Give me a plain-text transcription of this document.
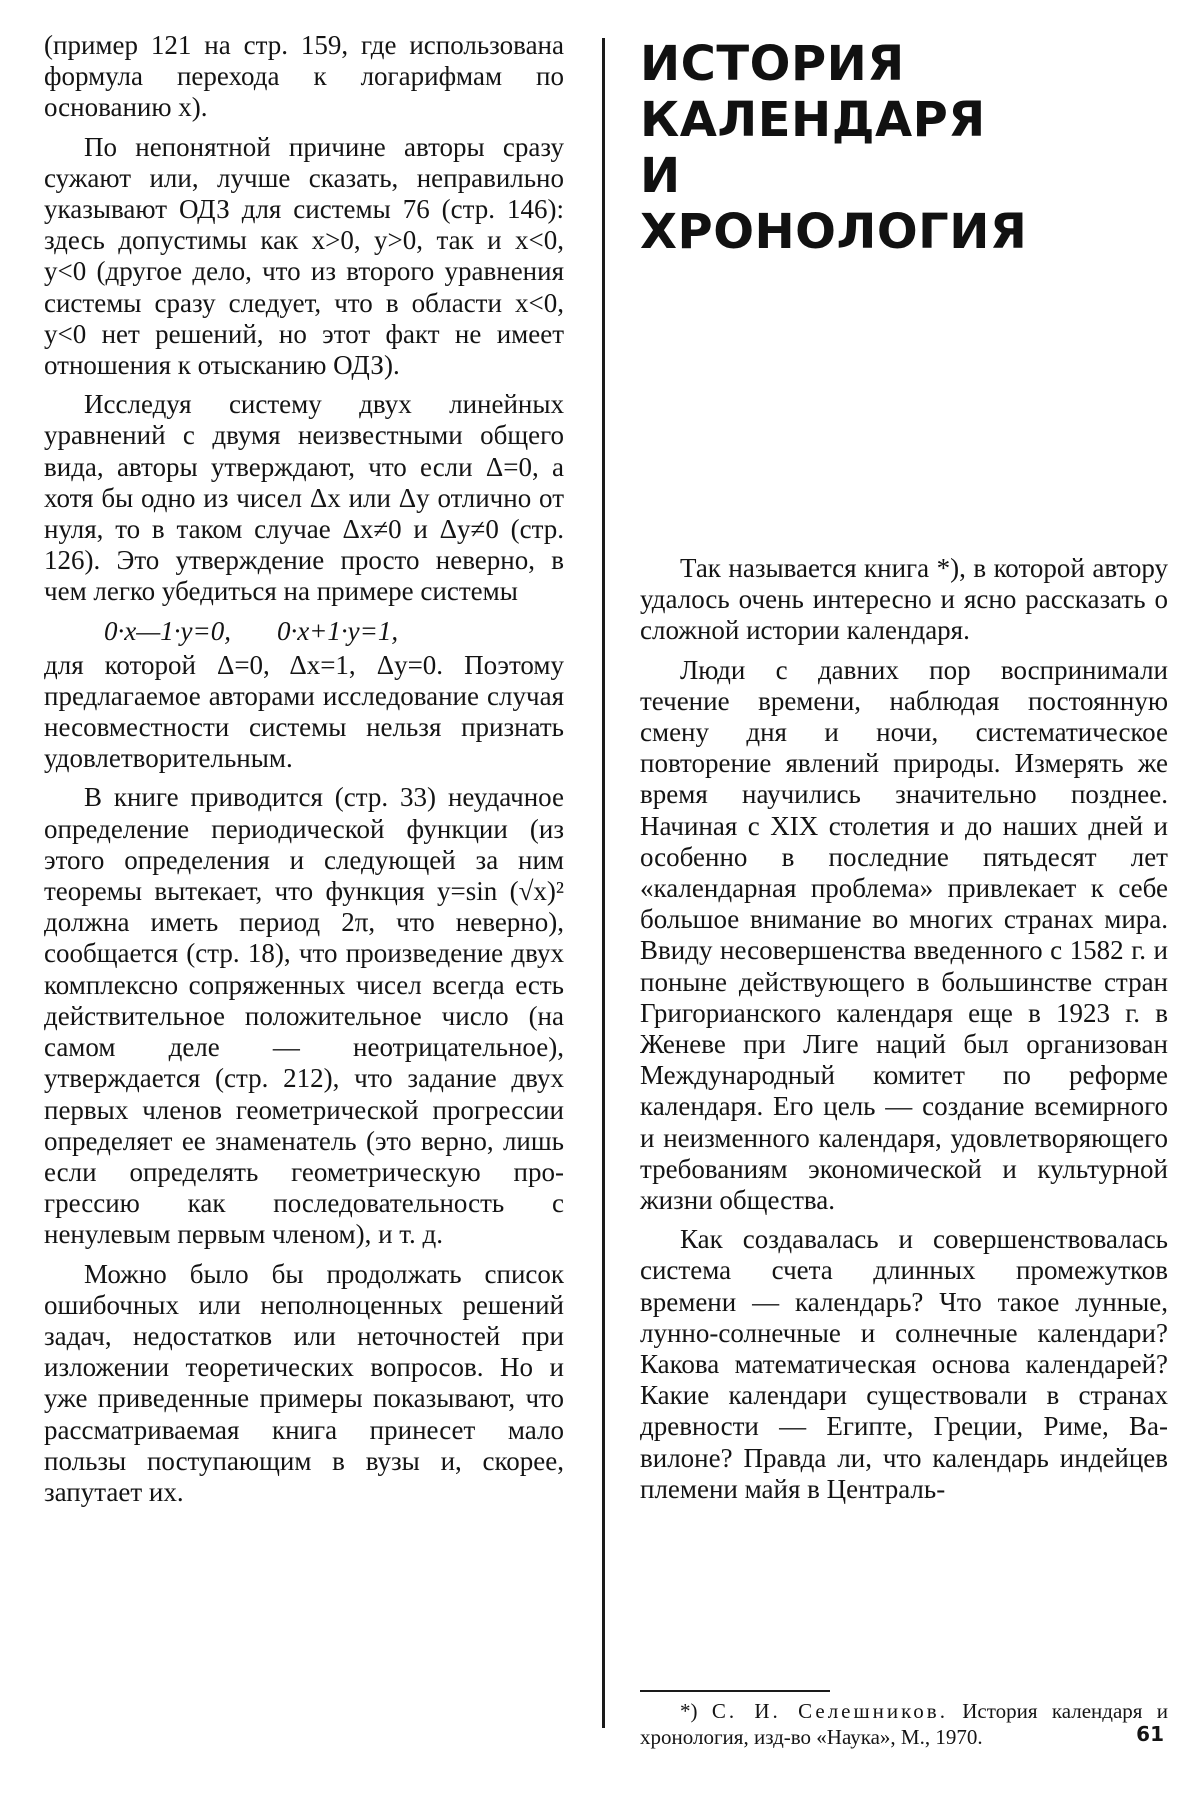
(пример 121 на стр. 159, где использована формула перехода к логарифмам по основанию x).

По непонятной причине авторы сразу сужают или, лучше сказать, неправильно указывают ОДЗ для системы 76 (стр. 146): здесь допустимы как x>0, y>0, так и x<0, y<0 (другое дело, что из второго уравнения системы сразу следует, что в области x<0, y<0 нет решений, но этот факт не имеет отношения к отысканию ОДЗ).

Исследуя систему двух линейных уравнений с двумя неизвестными общего вида, авторы утверждают, что если Δ=0, а хотя бы одно из чисел Δx или Δy отлично от нуля, то в таком случае Δx≠0 и Δy≠0 (стр. 126). Это утверждение просто неверно, в чем легко убедиться на примере системы

0·x—1·y=0, 0·x+1·y=1,

для которой Δ=0, Δx=1, Δy=0. Поэтому предлагаемое авторами исследование случая несовместности системы нельзя признать удовлетворительным.

В книге приводится (стр. 33) неудачное определение периодической функции (из этого определения и следующей за ним теоремы вытекает, что функция y=sin (√x)² должна иметь период 2π, что неверно), сообщается (стр. 18), что произведение двух комплексно сопряженных чисел всегда есть действительное положительное число (на самом деле — неотрицательное), утверждается (стр. 212), что задание двух первых членов геометрической прогрессии определяет ее знаменатель (это верно, лишь если определять геометрическую прогрессию как последовательность с ненулевым первым членом), и т. д.

Можно было бы продолжать список ошибочных или неполноценных решений задач, недостатков или неточностей при изложении теоретических вопросов. Но и уже приведенные примеры показывают, что рассматриваемая книга принесет мало пользы поступающим в вузы и, скорее, запутает их.

ИСТОРИЯ
КАЛЕНДАРЯ
И
ХРОНОЛОГИЯ

Так называется книга *), в которой автору удалось очень интересно и ясно рассказать о сложной истории календаря.

Люди с давних пор воспринимали течение времени, наблюдая постоянную смену дня и ночи, систематическое повторение явлений природы. Измерять же время научились значительно позднее. Начиная с XIX столетия и до наших дней и особенно в последние пятьдесят лет «календарная проблема» привлекает к себе большое внимание во многих странах мира. Ввиду несовершенства введенного с 1582 г. и поныне действующего в большинстве стран Григорианского календаря еще в 1923 г. в Женеве при Лиге наций был организован Международный комитет по реформе календаря. Его цель — создание всемирного и неизменного календаря, удовлетворяющего требованиям экономической и культурной жизни общества.

Как создавалась и совершенствовалась система счета длинных промежутков времени — календарь? Что такое лунные, лунно-солнечные и солнечные календари? Какова математическая основа календарей? Какие календари существовали в странах древности — Египте, Греции, Риме, Вавилоне? Правда ли, что календарь индейцев племени майя в Централь-

*) С. И. Селешников. История календаря и хронология, изд-во «Наука», М., 1970.	61
